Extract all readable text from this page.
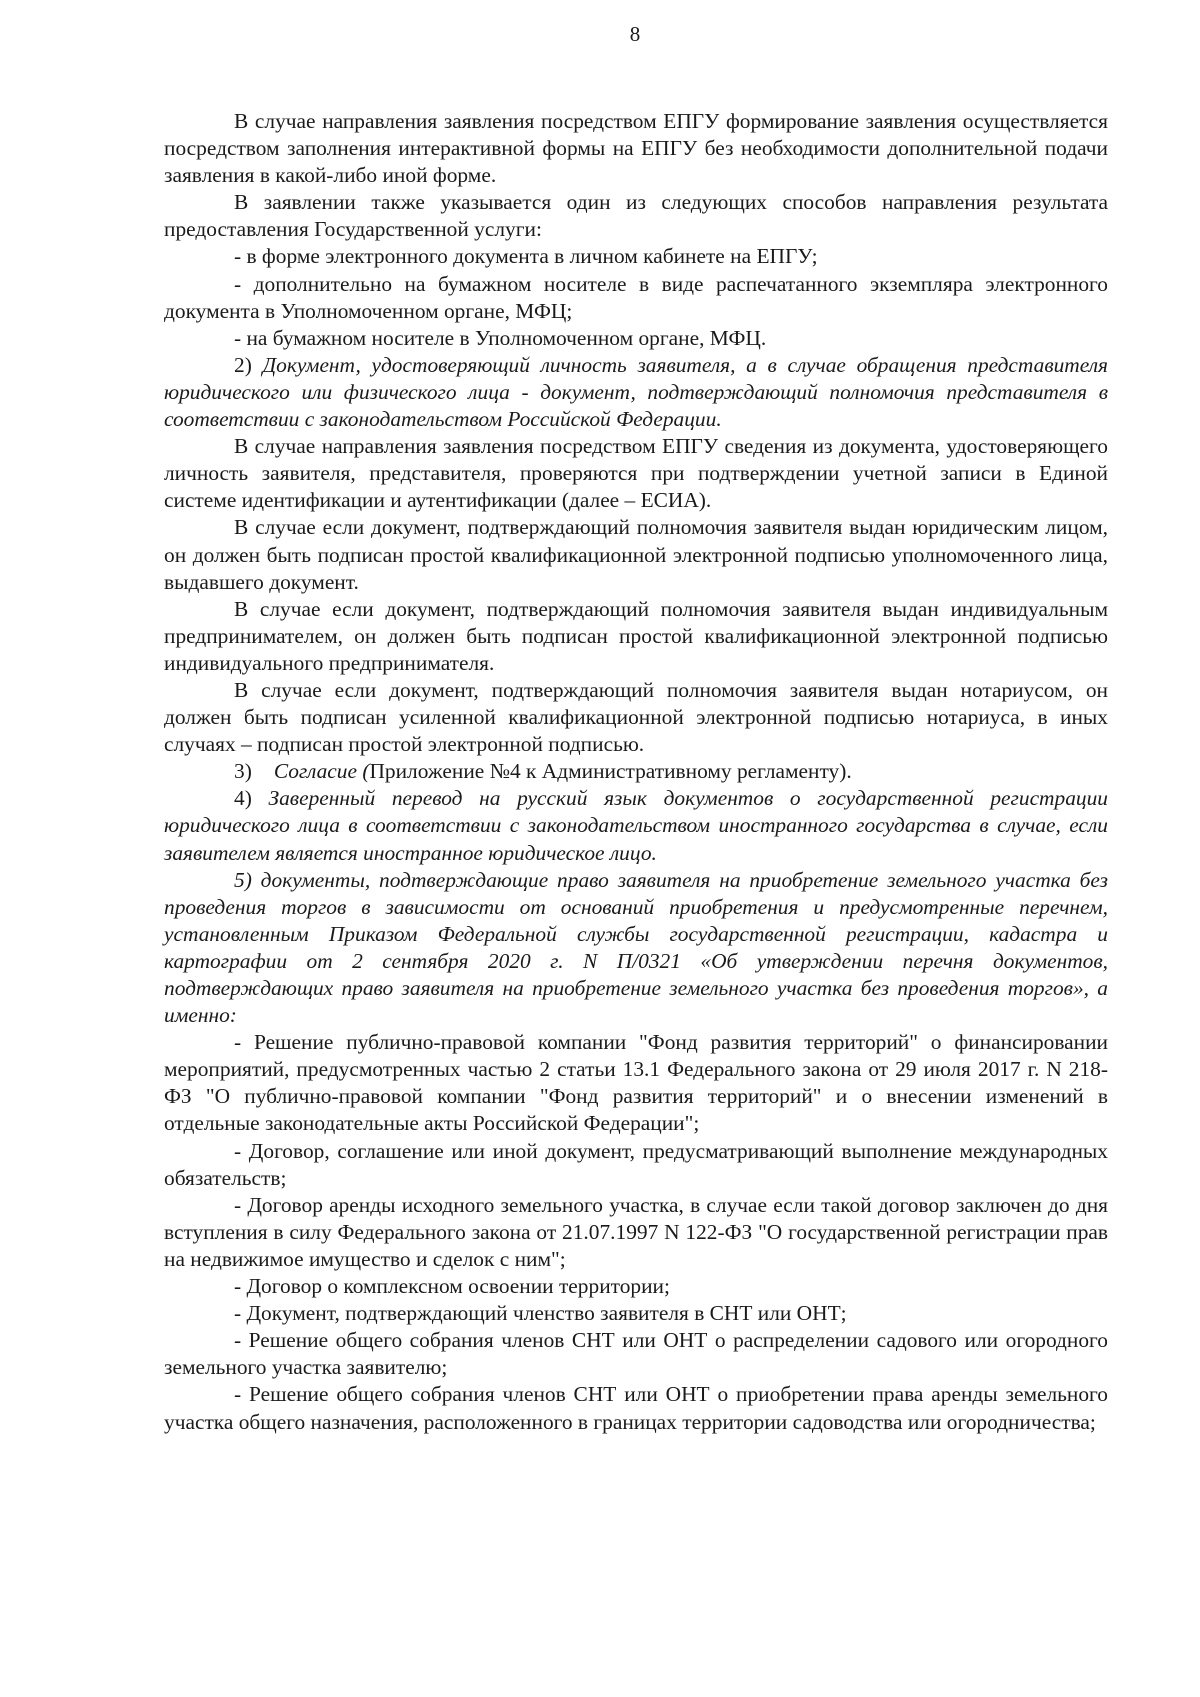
8

В случае направления заявления посредством ЕПГУ формирование заявления осуществляется посредством заполнения интерактивной формы на ЕПГУ без необходимости дополнительной подачи заявления в какой-либо иной форме.

В заявлении также указывается один из следующих способов направления результата предоставления Государственной услуги:

- в форме электронного документа в личном кабинете на ЕПГУ;

- дополнительно на бумажном носителе в виде распечатанного экземпляра электронного документа в Уполномоченном органе, МФЦ;

- на бумажном носителе в Уполномоченном органе, МФЦ.

2) Документ, удостоверяющий личность заявителя, а в случае обращения представителя юридического или физического лица - документ, подтверждающий полномочия представителя в соответствии с законодательством Российской Федерации.

В случае направления заявления посредством ЕПГУ сведения из документа, удостоверяющего личность заявителя, представителя, проверяются при подтверждении учетной записи в Единой системе идентификации и аутентификации (далее – ЕСИА).

В случае если документ, подтверждающий полномочия заявителя выдан юридическим лицом, он должен быть подписан простой квалификационной электронной подписью уполномоченного лица, выдавшего документ.

В случае если документ, подтверждающий полномочия заявителя выдан индивидуальным предпринимателем, он должен быть подписан простой квалификационной электронной подписью индивидуального предпринимателя.

В случае если документ, подтверждающий полномочия заявителя выдан нотариусом, он должен быть подписан усиленной квалификационной электронной подписью нотариуса, в иных случаях – подписан простой электронной подписью.

3) Согласие (Приложение №4 к Административному регламенту).

4) Заверенный перевод на русский язык документов о государственной регистрации юридического лица в соответствии с законодательством иностранного государства в случае, если заявителем является иностранное юридическое лицо.

5) документы, подтверждающие право заявителя на приобретение земельного участка без проведения торгов в зависимости от оснований приобретения и предусмотренные перечнем, установленным Приказом Федеральной службы государственной регистрации, кадастра и картографии от 2 сентября 2020 г. N П/0321 «Об утверждении перечня документов, подтверждающих право заявителя на приобретение земельного участка без проведения торгов», а именно:

- Решение публично-правовой компании "Фонд развития территорий" о финансировании мероприятий, предусмотренных частью 2 статьи 13.1 Федерального закона от 29 июля 2017 г. N 218-ФЗ "О публично-правовой компании "Фонд развития территорий" и о внесении изменений в отдельные законодательные акты Российской Федерации";

- Договор, соглашение или иной документ, предусматривающий выполнение международных обязательств;

- Договор аренды исходного земельного участка, в случае если такой договор заключен до дня вступления в силу Федерального закона от 21.07.1997 N 122-ФЗ "О государственной регистрации прав на недвижимое имущество и сделок с ним";

- Договор о комплексном освоении территории;

- Документ, подтверждающий членство заявителя в СНТ или ОНТ;

- Решение общего собрания членов СНТ или ОНТ о распределении садового или огородного земельного участка заявителю;

- Решение общего собрания членов СНТ или ОНТ о приобретении права аренды земельного участка общего назначения, расположенного в границах территории садоводства или огородничества;
